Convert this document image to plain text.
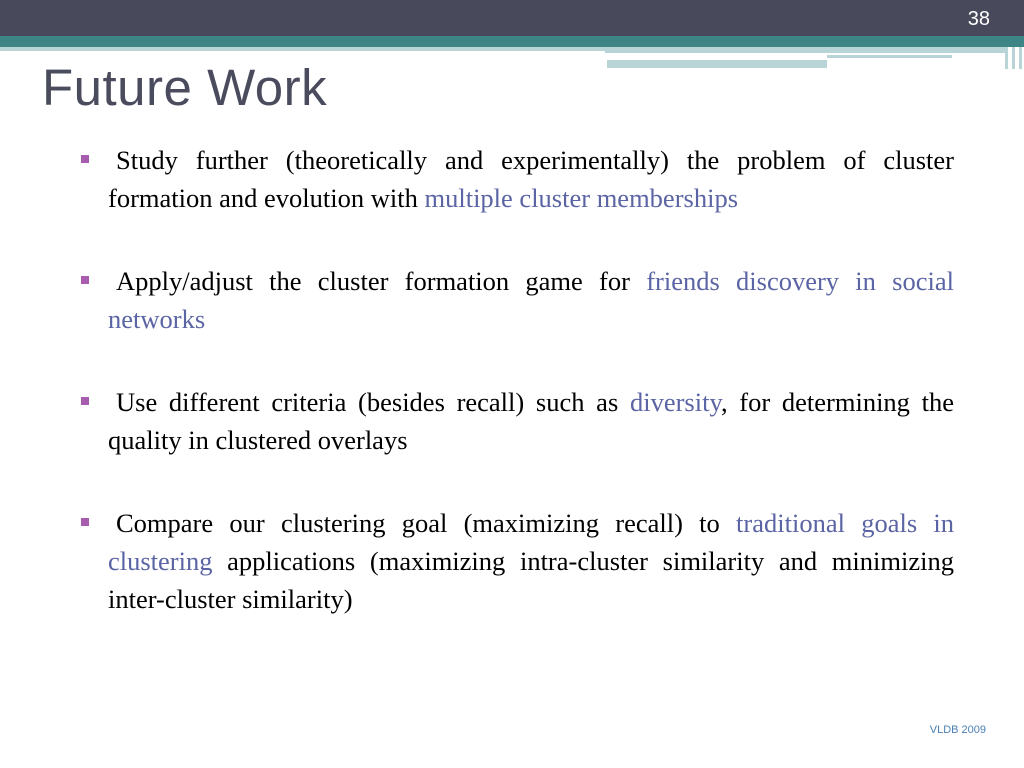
38
Future Work
Study further (theoretically and experimentally) the problem of cluster formation and evolution with multiple cluster memberships
Apply/adjust the cluster formation game for friends discovery in social networks
Use different criteria (besides recall) such as diversity, for determining the quality in clustered overlays
Compare our clustering goal (maximizing recall) to traditional goals in clustering applications (maximizing intra-cluster similarity and minimizing inter-cluster similarity)
VLDB 2009
